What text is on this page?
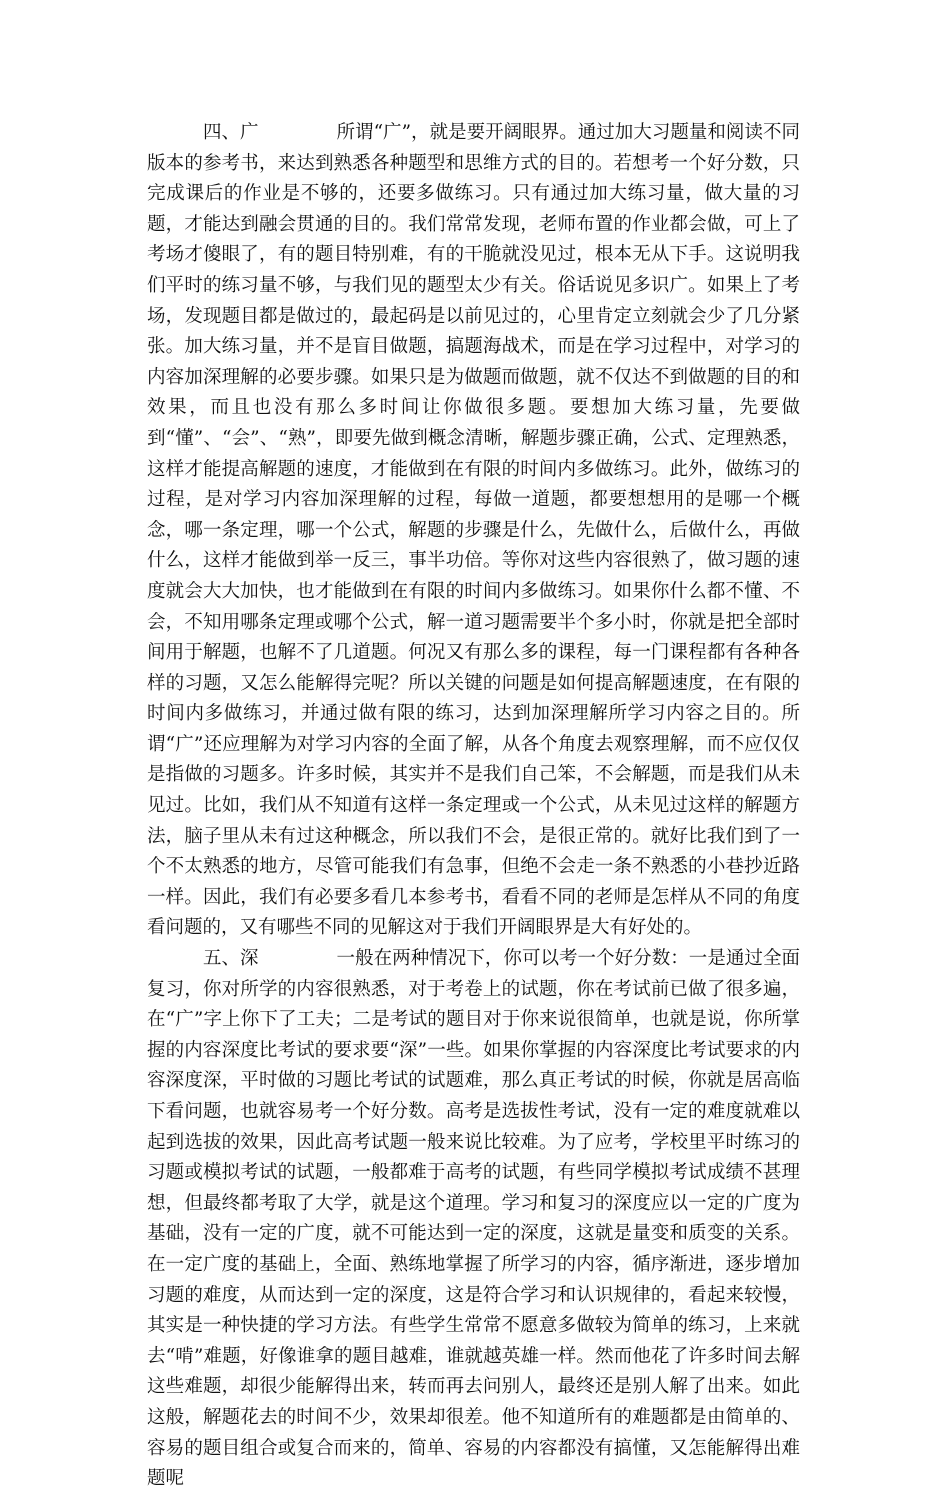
四、广	所谓“广”，就是要开阔眼界。通过加大习题量和阅读不同版本的参考书，来达到熟悉各种题型和思维方式的目的。若想考一个好分数，只完成课后的作业是不够的，还要多做练习。只有通过加大练习量，做大量的习题，才能达到融会贯通的目的。我们常常发现，老师布置的作业都会做，可上了考场才傻眼了，有的题目特别难，有的干脆就没见过，根本无从下手。这说明我们平时的练习量不够，与我们见的题型太少有关。俗话说见多识广。如果上了考场，发现题目都是做过的，最起码是以前见过的，心里肯定立刻就会少了几分紧张。加大练习量，并不是盲目做题，搞题海战术，而是在学习过程中，对学习的内容加深理解的必要步骤。如果只是为做题而做题，就不仅达不到做题的目的和效果，而且也没有那么多时间让你做很多题。要想加大练习量，先要做到“懂”、“会”、“熟”，即要先做到概念清晰，解题步骤正确，公式、定理熟悉，这样才能提高解题的速度，才能做到在有限的时间内多做练习。此外，做练习的过程，是对学习内容加深理解的过程，每做一道题，都要想想用的是哪一个概念，哪一条定理，哪一个公式，解题的步骤是什么，先做什么，后做什么，再做什么，这样才能做到举一反三，事半功倍。等你对这些内容很熟了，做习题的速度就会大大加快，也才能做到在有限的时间内多做练习。如果你什么都不懂、不会，不知用哪条定理或哪个公式，解一道习题需要半个多小时，你就是把全部时间用于解题，也解不了几道题。何况又有那么多的课程，每一门课程都有各种各样的习题，又怎么能解得完呢？所以关键的问题是如何提高解题速度，在有限的时间内多做练习，并通过做有限的练习，达到加深理解所学习内容之目的。所谓“广”还应理解为对学习内容的全面了解，从各个角度去观察理解，而不应仅仅是指做的习题多。许多时候，其实并不是我们自己笨，不会解题，而是我们从未见过。比如，我们从不知道有这样一条定理或一个公式，从未见过这样的解题方法，脑子里从未有过这种概念，所以我们不会，是很正常的。就好比我们到了一个不太熟悉的地方，尽管可能我们有急事，但绝不会走一条不熟悉的小巷抄近路一样。因此，我们有必要多看几本参考书，看看不同的老师是怎样从不同的角度看问题的，又有哪些不同的见解这对于我们开阔眼界是大有好处的。

五、深	一般在两种情况下，你可以考一个好分数：一是通过全面复习，你对所学的内容很熟悉，对于考卷上的试题，你在考试前已做了很多遍，在“广”字上你下了工夫；二是考试的题目对于你来说很简单，也就是说，你所掌握的内容深度比考试的要求要“深”一些。如果你掌握的内容深度比考试要求的内容深度深，平时做的习题比考试的试题难，那么真正考试的时候，你就是居高临下看问题，也就容易考一个好分数。高考是选拔性考试，没有一定的难度就难以起到选拔的效果，因此高考试题一般来说比较难。为了应考，学校里平时练习的习题或模拟考试的试题，一般都难于高考的试题，有些同学模拟考试成绩不甚理想，但最终都考取了大学，就是这个道理。学习和复习的深度应以一定的广度为基础，没有一定的广度，就不可能达到一定的深度，这就是量变和质变的关系。在一定广度的基础上，全面、熟练地掌握了所学习的内容，循序渐进，逐步增加习题的难度，从而达到一定的深度，这是符合学习和认识规律的，看起来较慢，其实是一种快捷的学习方法。有些学生常常不愿意多做较为简单的练习，上来就去“啃”难题，好像谁拿的题目越难，谁就越英雄一样。然而他花了许多时间去解这些难题，却很少能解得出来，转而再去问别人，最终还是别人解了出来。如此这般，解题花去的时间不少，效果却很差。他不知道所有的难题都是由简单的、容易的题目组合或复合而来的，简单、容易的内容都没有搞懂，又怎能解得出难题呢
